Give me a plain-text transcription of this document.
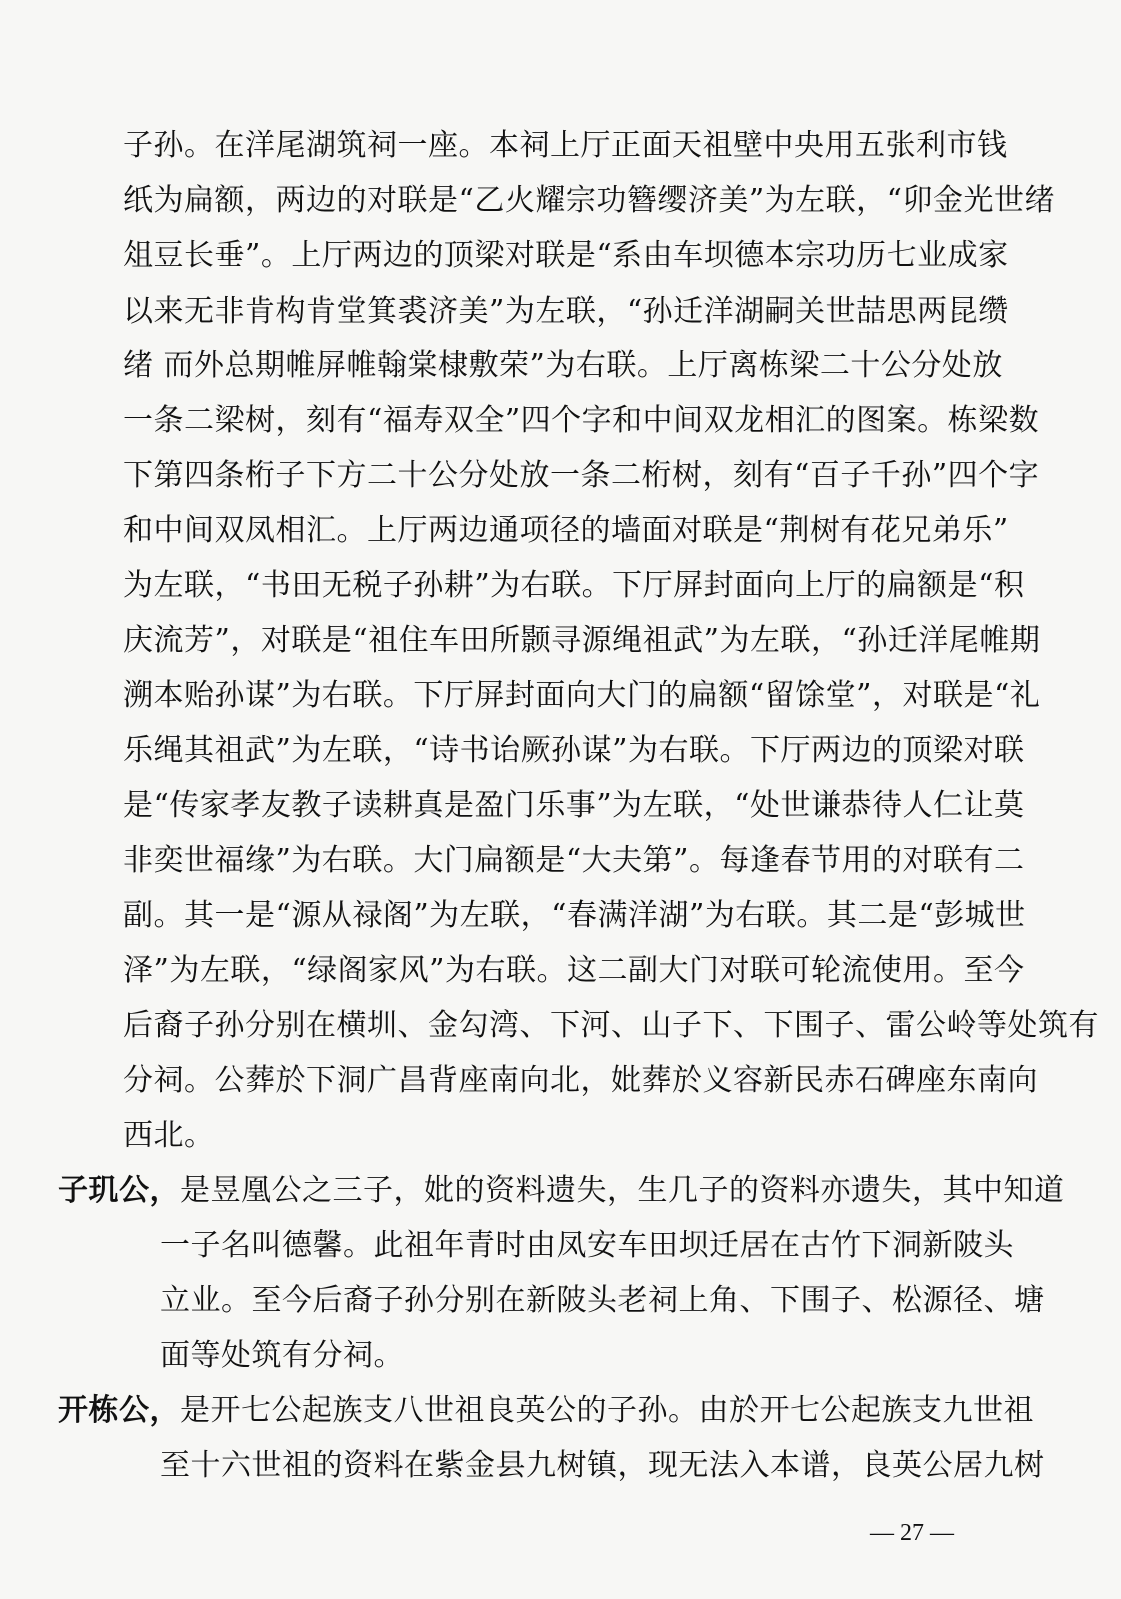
子孙。在洋尾湖筑祠一座。本祠上厅正面天祖壁中央用五张利市钱
纸为扁额，两边的对联是“乙火耀宗功簪缨济美”为左联，“卯金光世绪
俎豆长垂”。上厅两边的顶梁对联是“系由车坝德本宗功历七业成家
以来无非肯构肯堂箕裘济美”为左联，“孙迁洋湖嗣关世喆思两昆缵
绪 而外总期帷屏帷翰棠棣敷荣”为右联。上厅离栋梁二十公分处放
一条二梁树，刻有“福寿双全”四个字和中间双龙相汇的图案。栋梁数
下第四条桁子下方二十公分处放一条二桁树，刻有“百子千孙”四个字
和中间双凤相汇。上厅两边通项径的墙面对联是“荆树有花兄弟乐”
为左联，“书田无税子孙耕”为右联。下厅屏封面向上厅的扁额是“积
庆流芳”，对联是“祖住车田所颢寻源绳祖武”为左联，“孙迁洋尾帷期
溯本贻孙谋”为右联。下厅屏封面向大门的扁额“留馀堂”，对联是“礼
乐绳其祖武”为左联，“诗书诒厥孙谋”为右联。下厅两边的顶梁对联
是“传家孝友教子读耕真是盈门乐事”为左联，“处世谦恭待人仁让莫
非奕世福缘”为右联。大门扁额是“大夫第”。每逢春节用的对联有二
副。其一是“源从禄阁”为左联，“春满洋湖”为右联。其二是“彭城世
泽”为左联，“绿阁家风”为右联。这二副大门对联可轮流使用。至今
后裔子孙分别在横圳、金勾湾、下河、山子下、下围子、雷公岭等处筑有
分祠。公葬於下洞广昌背座南向北，妣葬於义容新民赤石碑座东南向
西北。
子玑公，是昱凰公之三子，妣的资料遗失，生几子的资料亦遗失，其中知道
一子名叫德馨。此祖年青时由凤安车田坝迁居在古竹下洞新陂头
立业。至今后裔子孙分别在新陂头老祠上角、下围子、松源径、塘
面等处筑有分祠。
开栋公，是开七公起族支八世祖良英公的子孙。由於开七公起族支九世祖
至十六世祖的资料在紫金县九树镇，现无法入本谱，良英公居九树
— 27 —
